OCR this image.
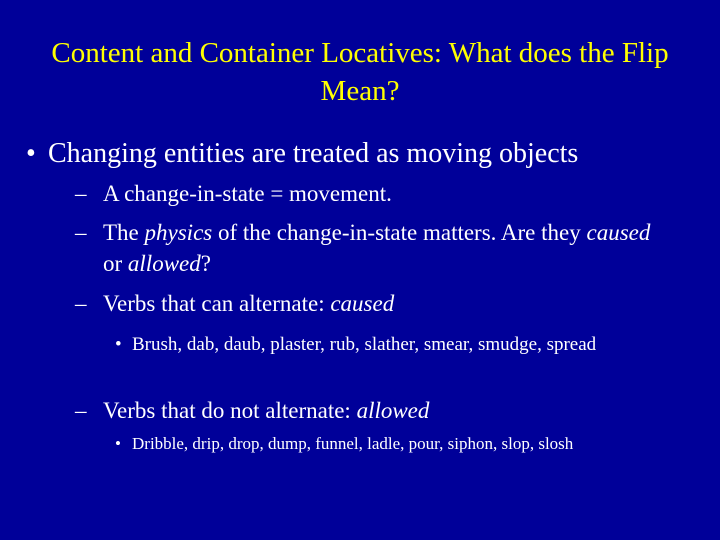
Content and Container Locatives: What does the Flip Mean?
• Changing entities are treated as moving objects
– A change-in-state = movement.
– The physics of the change-in-state matters. Are they caused or allowed?
– Verbs that can alternate: caused
• Brush, dab, daub, plaster, rub, slather, smear, smudge, spread
– Verbs that do not alternate: allowed
• Dribble, drip, drop, dump, funnel, ladle, pour, siphon, slop, slosh
